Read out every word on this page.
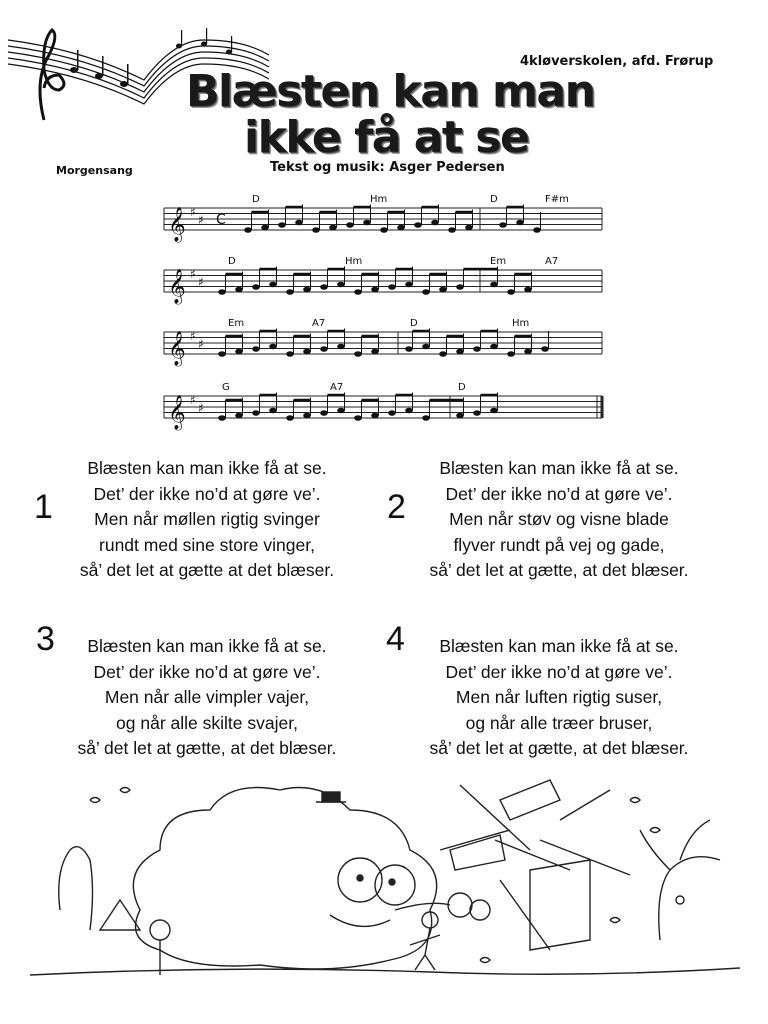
4kløverskolen, afd. Frørup
Blæsten kan man
ikke få at se
Morgensang	Tekst og musik: Asger Pedersen
𝄞 ♯
♯ C
D	Hm	D	F#m
𝄞 ♯
♯
D	Hm	Em	A7
𝄞 ♯
♯
Em	A7	D	Hm
𝄞 ♯
♯
G	A7	D
1
Blæsten kan man ikke få at se.
Det’ der ikke no’d at gøre ve’.
Men når møllen rigtig svinger
rundt med sine store vinger,
så’ det let at gætte at det blæser.
2
Blæsten kan man ikke få at se.
Det’ der ikke no’d at gøre ve’.
Men når støv og visne blade
flyver rundt på vej og gade,
så’ det let at gætte, at det blæser.
3	Blæsten kan man ikke få at se.
Det’ der ikke no’d at gøre ve’.
Men når alle vimpler vajer,
og når alle skilte svajer,
så’ det let at gætte, at det blæser.
4	Blæsten kan man ikke få at se.
Det’ der ikke no’d at gøre ve’.
Men når luften rigtig suser,
og når alle træer bruser,
så’ det let at gætte, at det blæser.
